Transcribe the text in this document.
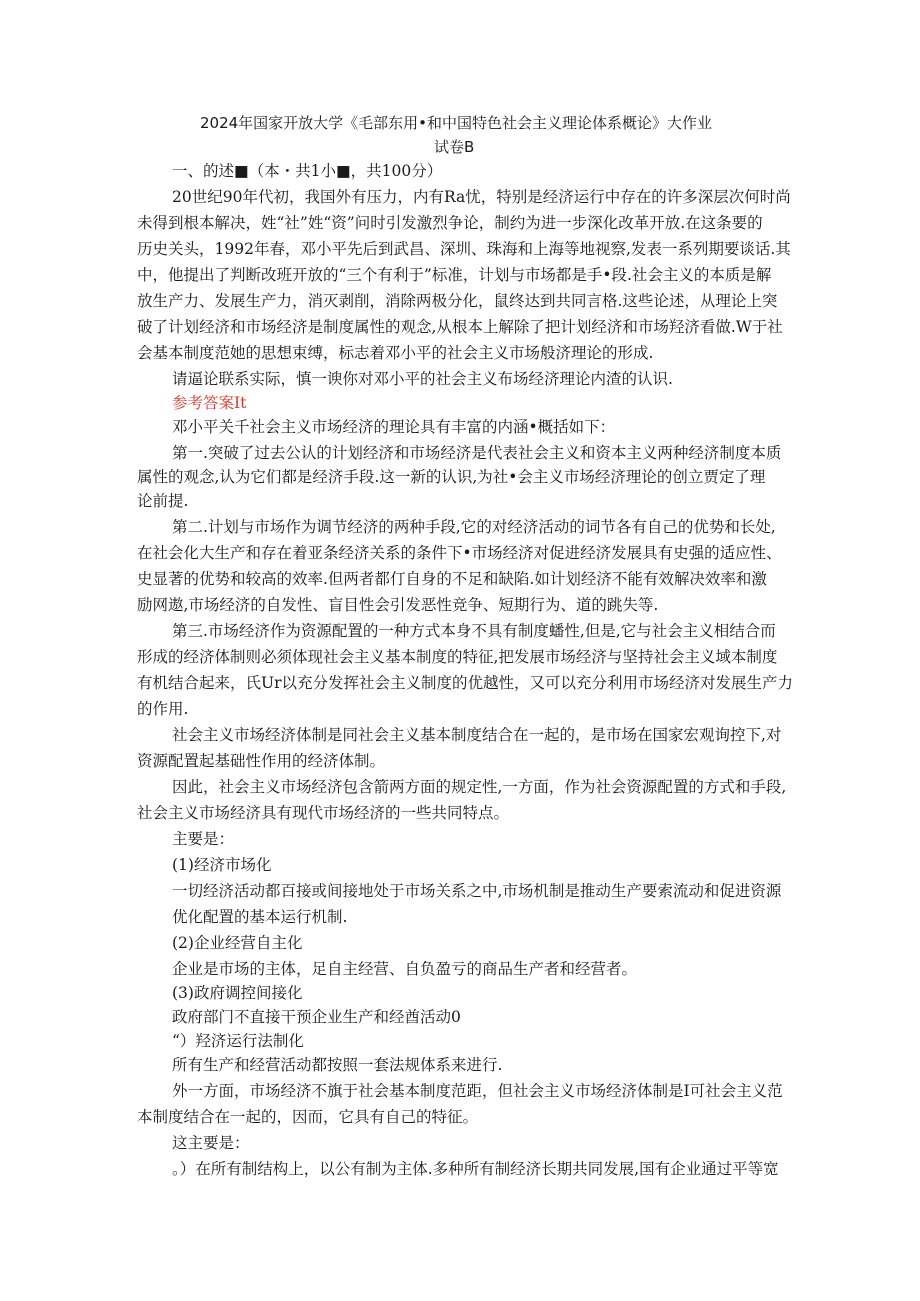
2024年国家开放大学《毛部东用•和中国特色社会主义理论体系概论》大作业

试卷B

一、的述■（本・共1小■，共100分）

20世纪90年代初，我国外有压力，内有Ra忧，特别是经济运行中存在的许多深层次何时尚

未得到根本解决，姓“社”姓“资”问时引发激烈争论，制约为进一步深化改革开放.在这条要的

历史关头，1992年春，邓小平先后到武昌、深圳、珠海和上海等地视察,发表一系列期要谈话.其

中，他提出了判断改班开放的“三个有利于”标准，计划与市场都是手•段.社会主义的本质是解

放生产力、发展生产力，消灭剥削，消除两极分化，鼠终达到共同言格.这些论述，从理论上突

破了计划经济和市场经济是制度属性的观念,从根本上解除了把计划经济和市场羟济看做.W于社

会基本制度范她的思想束缚，标志着邓小平的社会主义市场般济理论的形成.

请逼论联系实际，慎一谀你对邓小平的社会主义布场经济理论内渣的认识.

参考答案It

邓小平关千社会主义市场经济的理论具有丰富的内涵•概括如下：

第一.突破了过去公认的计划经济和市场经济是代表社会主义和资本主义两种经济制度本质

属性的观念,认为它们都是经济手段.这一新的认识,为社•会主义市场经济理论的创立贾定了理

论前提.

第二.计划与市场作为调节经济的两种手段,它的对经济活动的词节各有自己的优势和长处,

在社会化大生产和存在着亚条经济关系的条件下•市场经济对促进经济发展具有史强的适应性、

史显著的优势和较高的效率.但两者都仃自身的不足和缺陷.如计划经济不能有效解决效率和激

励网遨,市场经济的自发性、盲目性会引发恶性竞争、短期行为、道的跳失等.

第三.市场经济作为资源配置的一种方式本身不具有制度蟠性,但是,它与社会主义相结合而

形成的经济体制则必须体现社会主义基本制度的特征,把发展市场经济与坚持社会主义域本制度

有机结合起来，氏Ur以充分发挥社会主义制度的优越性，又可以充分利用市场经济对发展生产力

的作用.

社会主义市场经济体制是同社会主义基本制度结合在一起的，是市场在国家宏观询控下,对

资源配置起基础性作用的经济体制。

因此，社会主义市场经济包含箭两方面的规定性,一方面，作为社会资源配置的方式和手段,

社会主义市场经济具有现代市场经济的一些共同特点。

主要是：

(1)经济市场化

一切经济活动都百接或间接地处于市场关系之中,市场机制是推动生产要索流动和促进资源

优化配置的基本运行机制.

(2)企业经营自主化

企业是市场的主体，足自主经营、自负盈亏的商品生产者和经营者。

(3)政府调控间接化

政府部门不直接干预企业生产和经酋活动0

“）羟济运行法制化

所有生产和经营活动都按照一套法规体系来进行.

外一方面，市场经济不旗于社会基本制度范距，但社会主义市场经济体制是I可社会主义范

本制度结合在一起的，因而，它具有自己的特征。

这主要是：

。）在所有制结构上，以公有制为主体.多种所有制经济长期共同发展,国有企业通过平等宽
